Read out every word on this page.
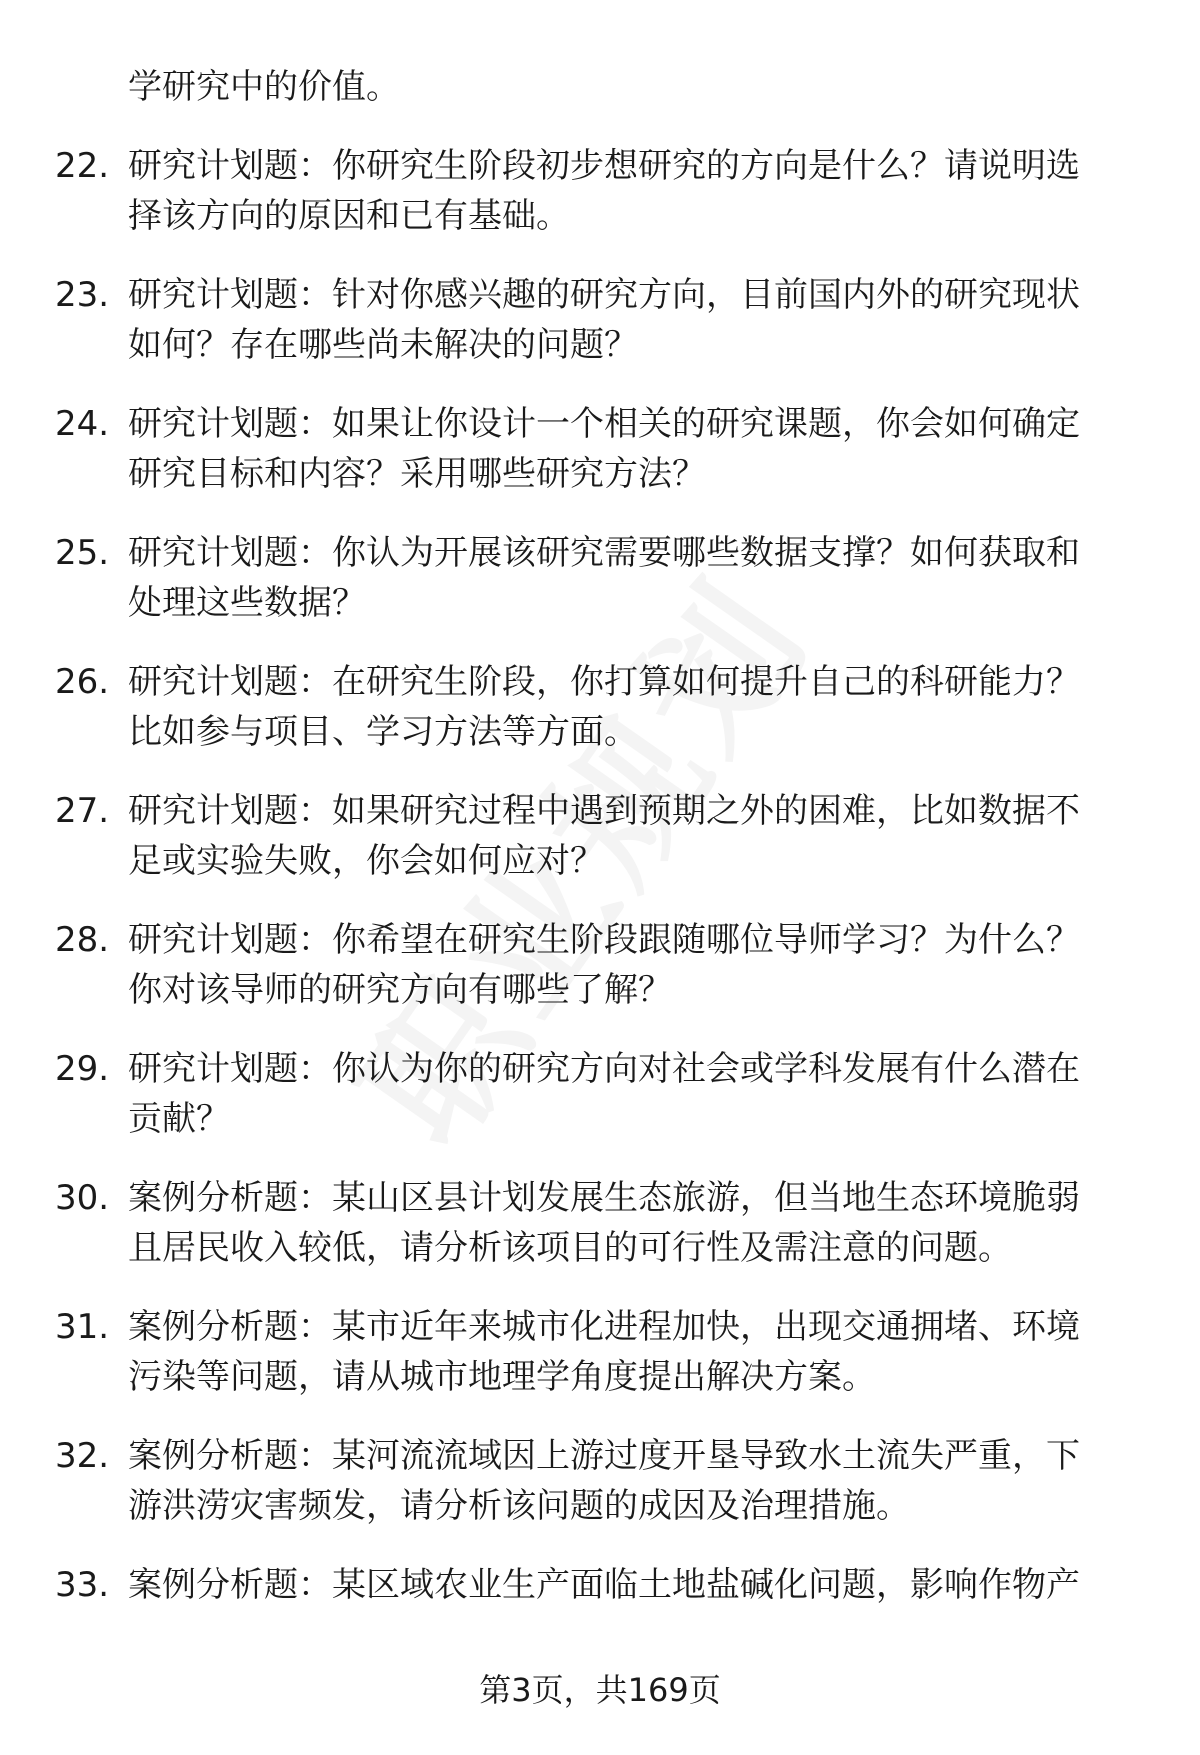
学研究中的价值。
22. 研究计划题：你研究生阶段初步想研究的方向是什么？请说明选
择该方向的原因和已有基础。
23. 研究计划题：针对你感兴趣的研究方向，目前国内外的研究现状
如何？存在哪些尚未解决的问题？
24. 研究计划题：如果让你设计一个相关的研究课题，你会如何确定
研究目标和内容？采用哪些研究方法？
25. 研究计划题：你认为开展该研究需要哪些数据支撑？如何获取和
处理这些数据？
26. 研究计划题：在研究生阶段，你打算如何提升自己的科研能力？
比如参与项目、学习方法等方面。
27. 研究计划题：如果研究过程中遇到预期之外的困难，比如数据不
足或实验失败，你会如何应对？
28. 研究计划题：你希望在研究生阶段跟随哪位导师学习？为什么？
你对该导师的研究方向有哪些了解？
29. 研究计划题：你认为你的研究方向对社会或学科发展有什么潜在
贡献？
30. 案例分析题：某山区县计划发展生态旅游，但当地生态环境脆弱
且居民收入较低，请分析该项目的可行性及需注意的问题。
31. 案例分析题：某市近年来城市化进程加快，出现交通拥堵、环境
污染等问题，请从城市地理学角度提出解决方案。
32. 案例分析题：某河流流域因上游过度开垦导致水土流失严重，下
游洪涝灾害频发，请分析该问题的成因及治理措施。
33. 案例分析题：某区域农业生产面临土地盐碱化问题，影响作物产
第3页，共169页
